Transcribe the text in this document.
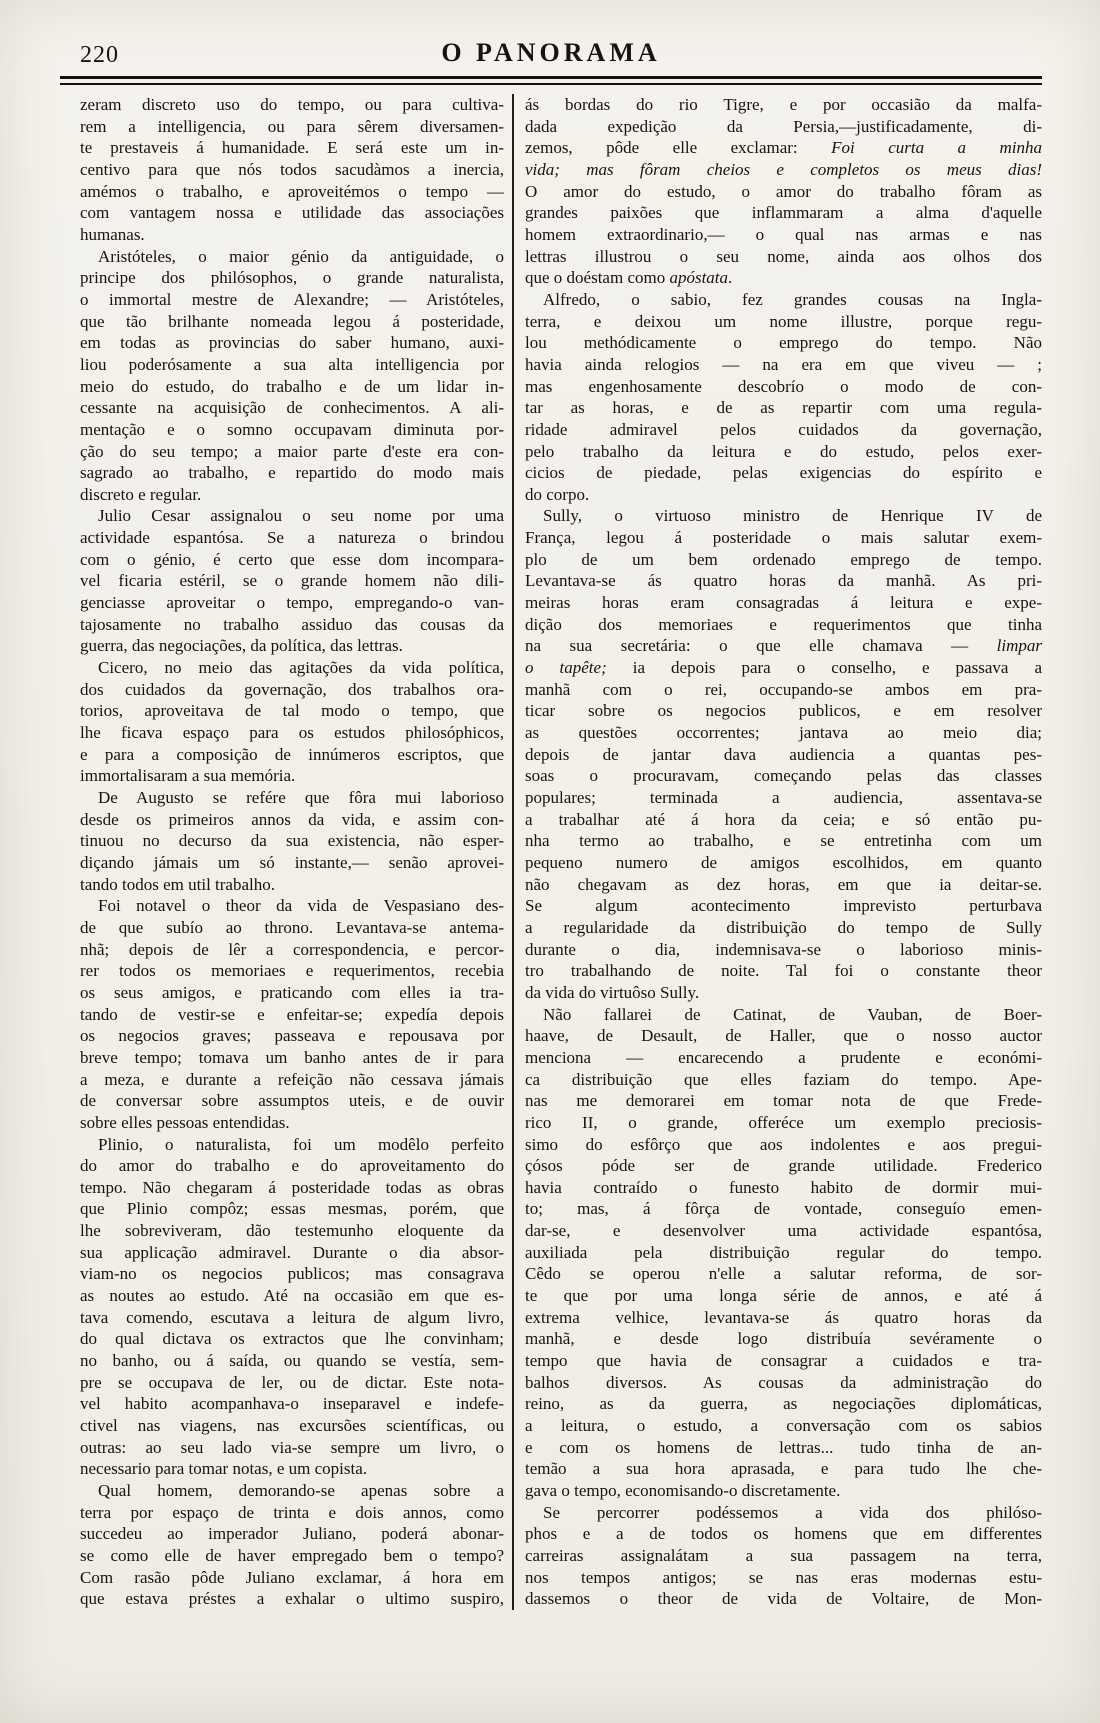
220	O PANORAMA
zeram discreto uso do tempo, ou para cultiva-
rem a intelligencia, ou para sêrem diversamen-
te prestaveis á humanidade. E será este um in-
centivo para que nós todos sacudàmos a inercia,
amémos o trabalho, e aproveitémos o tempo —
com vantagem nossa e utilidade das associações
humanas.
Aristóteles, o maior génio da antiguidade, o
principe dos philósophos, o grande naturalista,
o immortal mestre de Alexandre; — Aristóteles,
que tão brilhante nomeada legou á posteridade,
em todas as provincias do saber humano, auxi-
liou poderósamente a sua alta intelligencia por
meio do estudo, do trabalho e de um lidar in-
cessante na acquisição de conhecimentos. A ali-
mentação e o somno occupavam diminuta por-
ção do seu tempo; a maior parte d'este era con-
sagrado ao trabalho, e repartido do modo mais
discreto e regular.
Julio Cesar assignalou o seu nome por uma
actividade espantósa. Se a natureza o brindou
com o génio, é certo que esse dom incompara-
vel ficaria estéril, se o grande homem não dili-
genciasse aproveitar o tempo, empregando-o van-
tajosamente no trabalho assiduo das cousas da
guerra, das negociações, da política, das lettras.
Cicero, no meio das agitações da vida política,
dos cuidados da governação, dos trabalhos ora-
torios, aproveitava de tal modo o tempo, que
lhe ficava espaço para os estudos philosóphicos,
e para a composição de innúmeros escriptos, que
immortalisaram a sua memória.
De Augusto se refére que fôra mui laborioso
desde os primeiros annos da vida, e assim con-
tinuou no decurso da sua existencia, não esper-
diçando jámais um só instante,— senão aprovei-
tando todos em util trabalho.
Foi notavel o theor da vida de Vespasiano des-
de que subío ao throno. Levantava-se antema-
nhã; depois de lêr a correspondencia, e percor-
rer todos os memoriaes e requerimentos, recebia
os seus amigos, e praticando com elles ia tra-
tando de vestir-se e enfeitar-se; expedía depois
os negocios graves; passeava e repousava por
breve tempo; tomava um banho antes de ir para
a meza, e durante a refeição não cessava jámais
de conversar sobre assumptos uteis, e de ouvir
sobre elles pessoas entendidas.
Plinio, o naturalista, foi um modêlo perfeito
do amor do trabalho e do aproveitamento do
tempo. Não chegaram á posteridade todas as obras
que Plinio compôz; essas mesmas, porém, que
lhe sobreviveram, dão testemunho eloquente da
sua applicação admiravel. Durante o dia absor-
viam-no os negocios publicos; mas consagrava
as noutes ao estudo. Até na occasião em que es-
tava comendo, escutava a leitura de algum livro,
do qual dictava os extractos que lhe convinham;
no banho, ou á saída, ou quando se vestía, sem-
pre se occupava de ler, ou de dictar. Este nota-
vel habito acompanhava-o inseparavel e indefe-
ctivel nas viagens, nas excursões scientíficas, ou
outras: ao seu lado via-se sempre um livro, o
necessario para tomar notas, e um copista.
Qual homem, demorando-se apenas sobre a
terra por espaço de trinta e dois annos, como
succedeu ao imperador Juliano, poderá abonar-
se como elle de haver empregado bem o tempo?
Com rasão pôde Juliano exclamar, á hora em
que estava préstes a exhalar o ultimo suspiro,
ás bordas do rio Tigre, e por occasião da malfa-
dada expedição da Persia,—justificadamente, di-
zemos, pôde elle exclamar: Foi curta a minha
vida; mas fôram cheios e completos os meus dias!
O amor do estudo, o amor do trabalho fôram as
grandes paixões que inflammaram a alma d'aquelle
homem extraordinario,— o qual nas armas e nas
lettras illustrou o seu nome, ainda aos olhos dos
que o doéstam como apóstata.
Alfredo, o sabio, fez grandes cousas na Ingla-
terra, e deixou um nome illustre, porque regu-
lou methódicamente o emprego do tempo. Não
havia ainda relogios — na era em que viveu — ;
mas engenhosamente descobrío o modo de con-
tar as horas, e de as repartir com uma regula-
ridade admiravel pelos cuidados da governação,
pelo trabalho da leitura e do estudo, pelos exer-
cicios de piedade, pelas exigencias do espírito e
do corpo.
Sully, o virtuoso ministro de Henrique IV de
França, legou á posteridade o mais salutar exem-
plo de um bem ordenado emprego de tempo.
Levantava-se ás quatro horas da manhã. As pri-
meiras horas eram consagradas á leitura e expe-
dição dos memoriaes e requerimentos que tinha
na sua secretária: o que elle chamava — limpar
o tapête; ia depois para o conselho, e passava a
manhã com o rei, occupando-se ambos em pra-
ticar sobre os negocios publicos, e em resolver
as questões occorrentes; jantava ao meio dia;
depois de jantar dava audiencia a quantas pes-
soas o procuravam, começando pelas das classes
populares; terminada a audiencia, assentava-se
a trabalhar até á hora da ceia; e só então pu-
nha termo ao trabalho, e se entretinha com um
pequeno numero de amigos escolhidos, em quanto
não chegavam as dez horas, em que ia deitar-se.
Se algum acontecimento imprevisto perturbava
a regularidade da distribuição do tempo de Sully
durante o dia, indemnisava-se o laborioso minis-
tro trabalhando de noite. Tal foi o constante theor
da vida do virtuôso Sully.
Não fallarei de Catinat, de Vauban, de Boer-
haave, de Desault, de Haller, que o nosso auctor
menciona — encarecendo a prudente e económi-
ca distribuição que elles faziam do tempo. Ape-
nas me demorarei em tomar nota de que Frede-
rico II, o grande, offeréce um exemplo preciosis-
simo do esfôrço que aos indolentes e aos pregui-
çósos póde ser de grande utilidade. Frederico
havia contraído o funesto habito de dormir mui-
to; mas, á fôrça de vontade, conseguío emen-
dar-se, e desenvolver uma actividade espantósa,
auxiliada pela distribuição regular do tempo.
Cêdo se operou n'elle a salutar reforma, de sor-
te que por uma longa série de annos, e até á
extrema velhice, levantava-se ás quatro horas da
manhã, e desde logo distribuía sevéramente o
tempo que havia de consagrar a cuidados e tra-
balhos diversos. As cousas da administração do
reino, as da guerra, as negociações diplomáticas,
a leitura, o estudo, a conversação com os sabios
e com os homens de lettras... tudo tinha de an-
temão a sua hora aprasada, e para tudo lhe che-
gava o tempo, economisando-o discretamente.
Se percorrer podéssemos a vida dos philóso-
phos e a de todos os homens que em differentes
carreiras assignalátam a sua passagem na terra,
nos tempos antigos; se nas eras modernas estu-
dassemos o theor de vida de Voltaire, de Mon-
